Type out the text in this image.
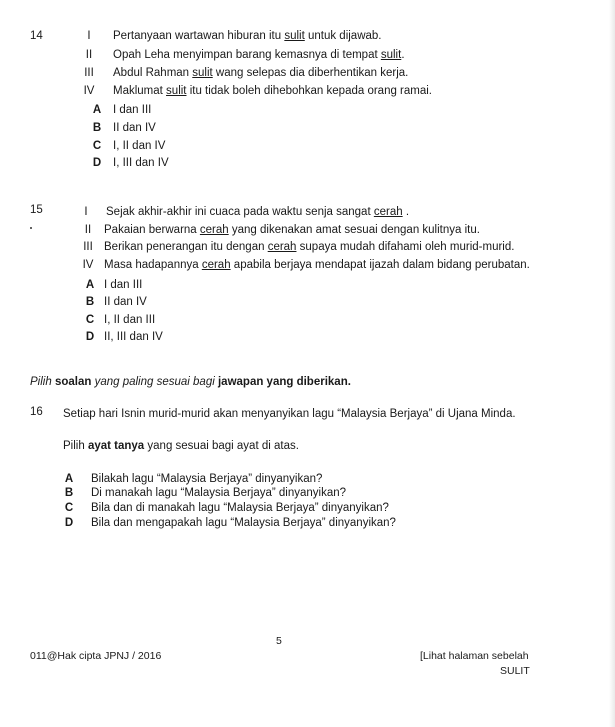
14	I	Pertanyaan wartawan hiburan itu sulit untuk dijawab.
II	Opah Leha menyimpan barang kemasnya di tempat sulit.
III	Abdul Rahman sulit wang selepas dia diberhentikan kerja.
IV	Maklumat sulit itu tidak boleh dihebohkan kepada orang ramai.
A I dan III
B II dan IV
C I, II dan IV
D I, III dan IV
15	I	Sejak akhir-akhir ini cuaca pada waktu senja sangat cerah .
II	Pakaian berwarna cerah yang dikenakan amat sesuai dengan kulitnya itu.
III Berikan penerangan itu dengan cerah supaya mudah difahami oleh murid-murid.
IV Masa hadapannya cerah apabila berjaya mendapat ijazah dalam bidang perubatan.
A I dan III
B II dan IV
C I, II dan III
D II, III dan IV
Pilih soalan yang paling sesuai bagi jawapan yang diberikan.
16 Setiap hari Isnin murid-murid akan menyanyikan lagu “Malaysia Berjaya” di Ujana Minda.
Pilih ayat tanya yang sesuai bagi ayat di atas.
A Bilakah lagu “Malaysia Berjaya” dinyanyikan?
B Di manakah lagu “Malaysia Berjaya” dinyanyikan?
C Bila dan di manakah lagu “Malaysia Berjaya” dinyanyikan?
D Bila dan mengapakah lagu “Malaysia Berjaya” dinyanyikan?
5
011@Hak cipta JPNJ / 2016	[Lihat halaman sebelah
SULIT
